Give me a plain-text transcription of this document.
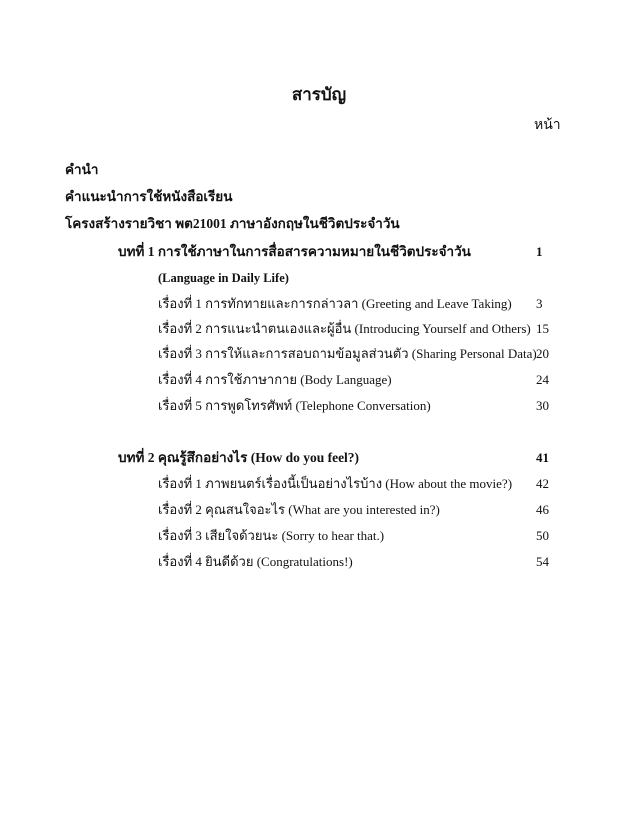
สารบัญ
หน้า
คำนำ
คำแนะนำการใช้หนังสือเรียน
โครงสร้างรายวิชา พต21001 ภาษาอังกฤษในชีวิตประจำวัน
บทที่ 1 การใช้ภาษาในการสื่อสารความหมายในชีวิตประจำวัน	1
(Language in Daily Life)
เรื่องที่ 1 การทักทายและการกล่าวลา (Greeting and Leave Taking) 3
เรื่องที่ 2 การแนะนำตนเองและผู้อื่น (Introducing Yourself and Others) 15
เรื่องที่ 3 การให้และการสอบถามข้อมูลส่วนตัว (Sharing Personal Data) 20
เรื่องที่ 4 การใช้ภาษากาย (Body Language)	24
เรื่องที่ 5 การพูดโทรศัพท์ (Telephone Conversation)	30
บทที่ 2 คุณรู้สึกอย่างไร (How do you feel?)	41
เรื่องที่ 1 ภาพยนตร์เรื่องนี้เป็นอย่างไรบ้าง (How about the movie?) 42
เรื่องที่ 2 คุณสนใจอะไร (What are you interested in?)	46
เรื่องที่ 3 เสียใจด้วยนะ (Sorry to hear that.)	50
เรื่องที่ 4 ยินดีด้วย (Congratulations!)	54
